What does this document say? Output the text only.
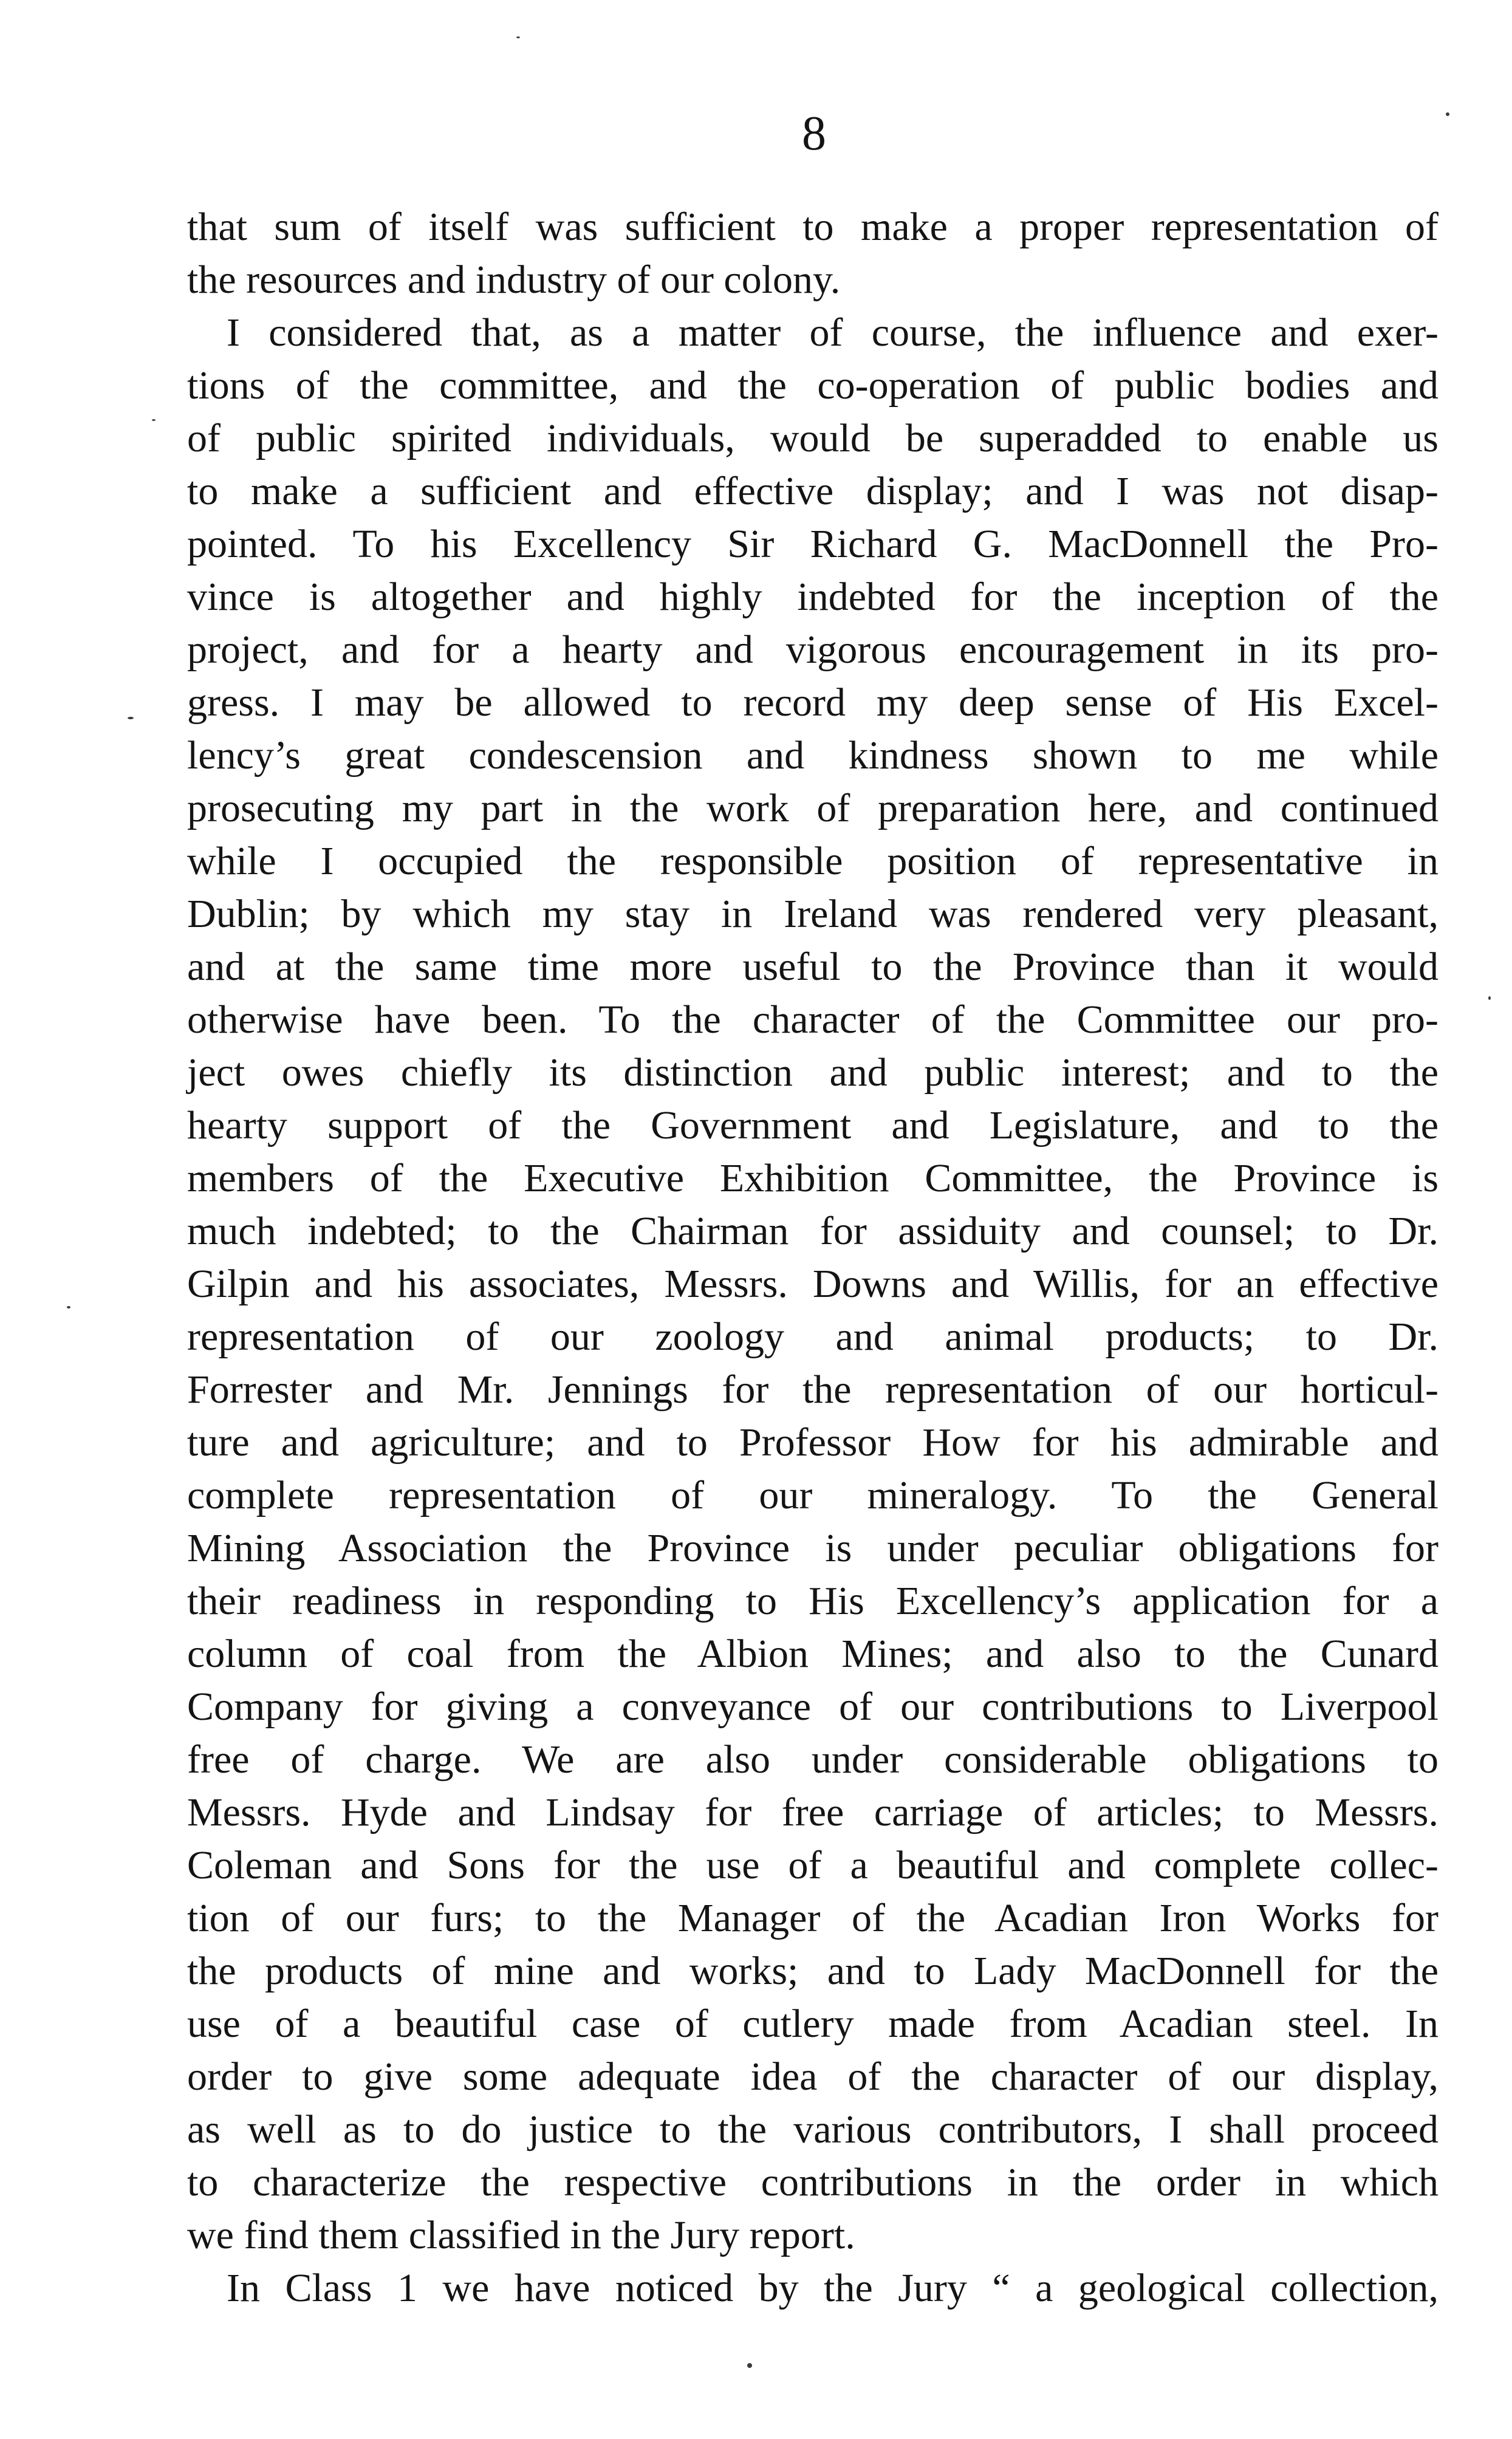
8
that sum of itself was sufficient to make a proper representation of
the resources and industry of our colony.
I considered that, as a matter of course, the influence and exer-
tions of the committee, and the co-operation of public bodies and
of public spirited individuals, would be superadded to enable us
to make a sufficient and effective display; and I was not disap-
pointed. To his Excellency Sir Richard G. MacDonnell the Pro-
vince is altogether and highly indebted for the inception of the
project, and for a hearty and vigorous encouragement in its pro-
gress. I may be allowed to record my deep sense of His Excel-
lency’s great condescension and kindness shown to me while
prosecuting my part in the work of preparation here, and continued
while I occupied the responsible position of representative in
Dublin; by which my stay in Ireland was rendered very pleasant,
and at the same time more useful to the Province than it would
otherwise have been. To the character of the Committee our pro-
ject owes chiefly its distinction and public interest; and to the
hearty support of the Government and Legislature, and to the
members of the Executive Exhibition Committee, the Province is
much indebted; to the Chairman for assiduity and counsel; to Dr.
Gilpin and his associates, Messrs. Downs and Willis, for an effective
representation of our zoology and animal products; to Dr.
Forrester and Mr. Jennings for the representation of our horticul-
ture and agriculture; and to Professor How for his admirable and
complete representation of our mineralogy. To the General
Mining Association the Province is under peculiar obligations for
their readiness in responding to His Excellency’s application for a
column of coal from the Albion Mines; and also to the Cunard
Company for giving a conveyance of our contributions to Liverpool
free of charge. We are also under considerable obligations to
Messrs. Hyde and Lindsay for free carriage of articles; to Messrs.
Coleman and Sons for the use of a beautiful and complete collec-
tion of our furs; to the Manager of the Acadian Iron Works for
the products of mine and works; and to Lady MacDonnell for the
use of a beautiful case of cutlery made from Acadian steel. In
order to give some adequate idea of the character of our display,
as well as to do justice to the various contributors, I shall proceed
to characterize the respective contributions in the order in which
we find them classified in the Jury report.
In Class 1 we have noticed by the Jury “ a geological collection,
